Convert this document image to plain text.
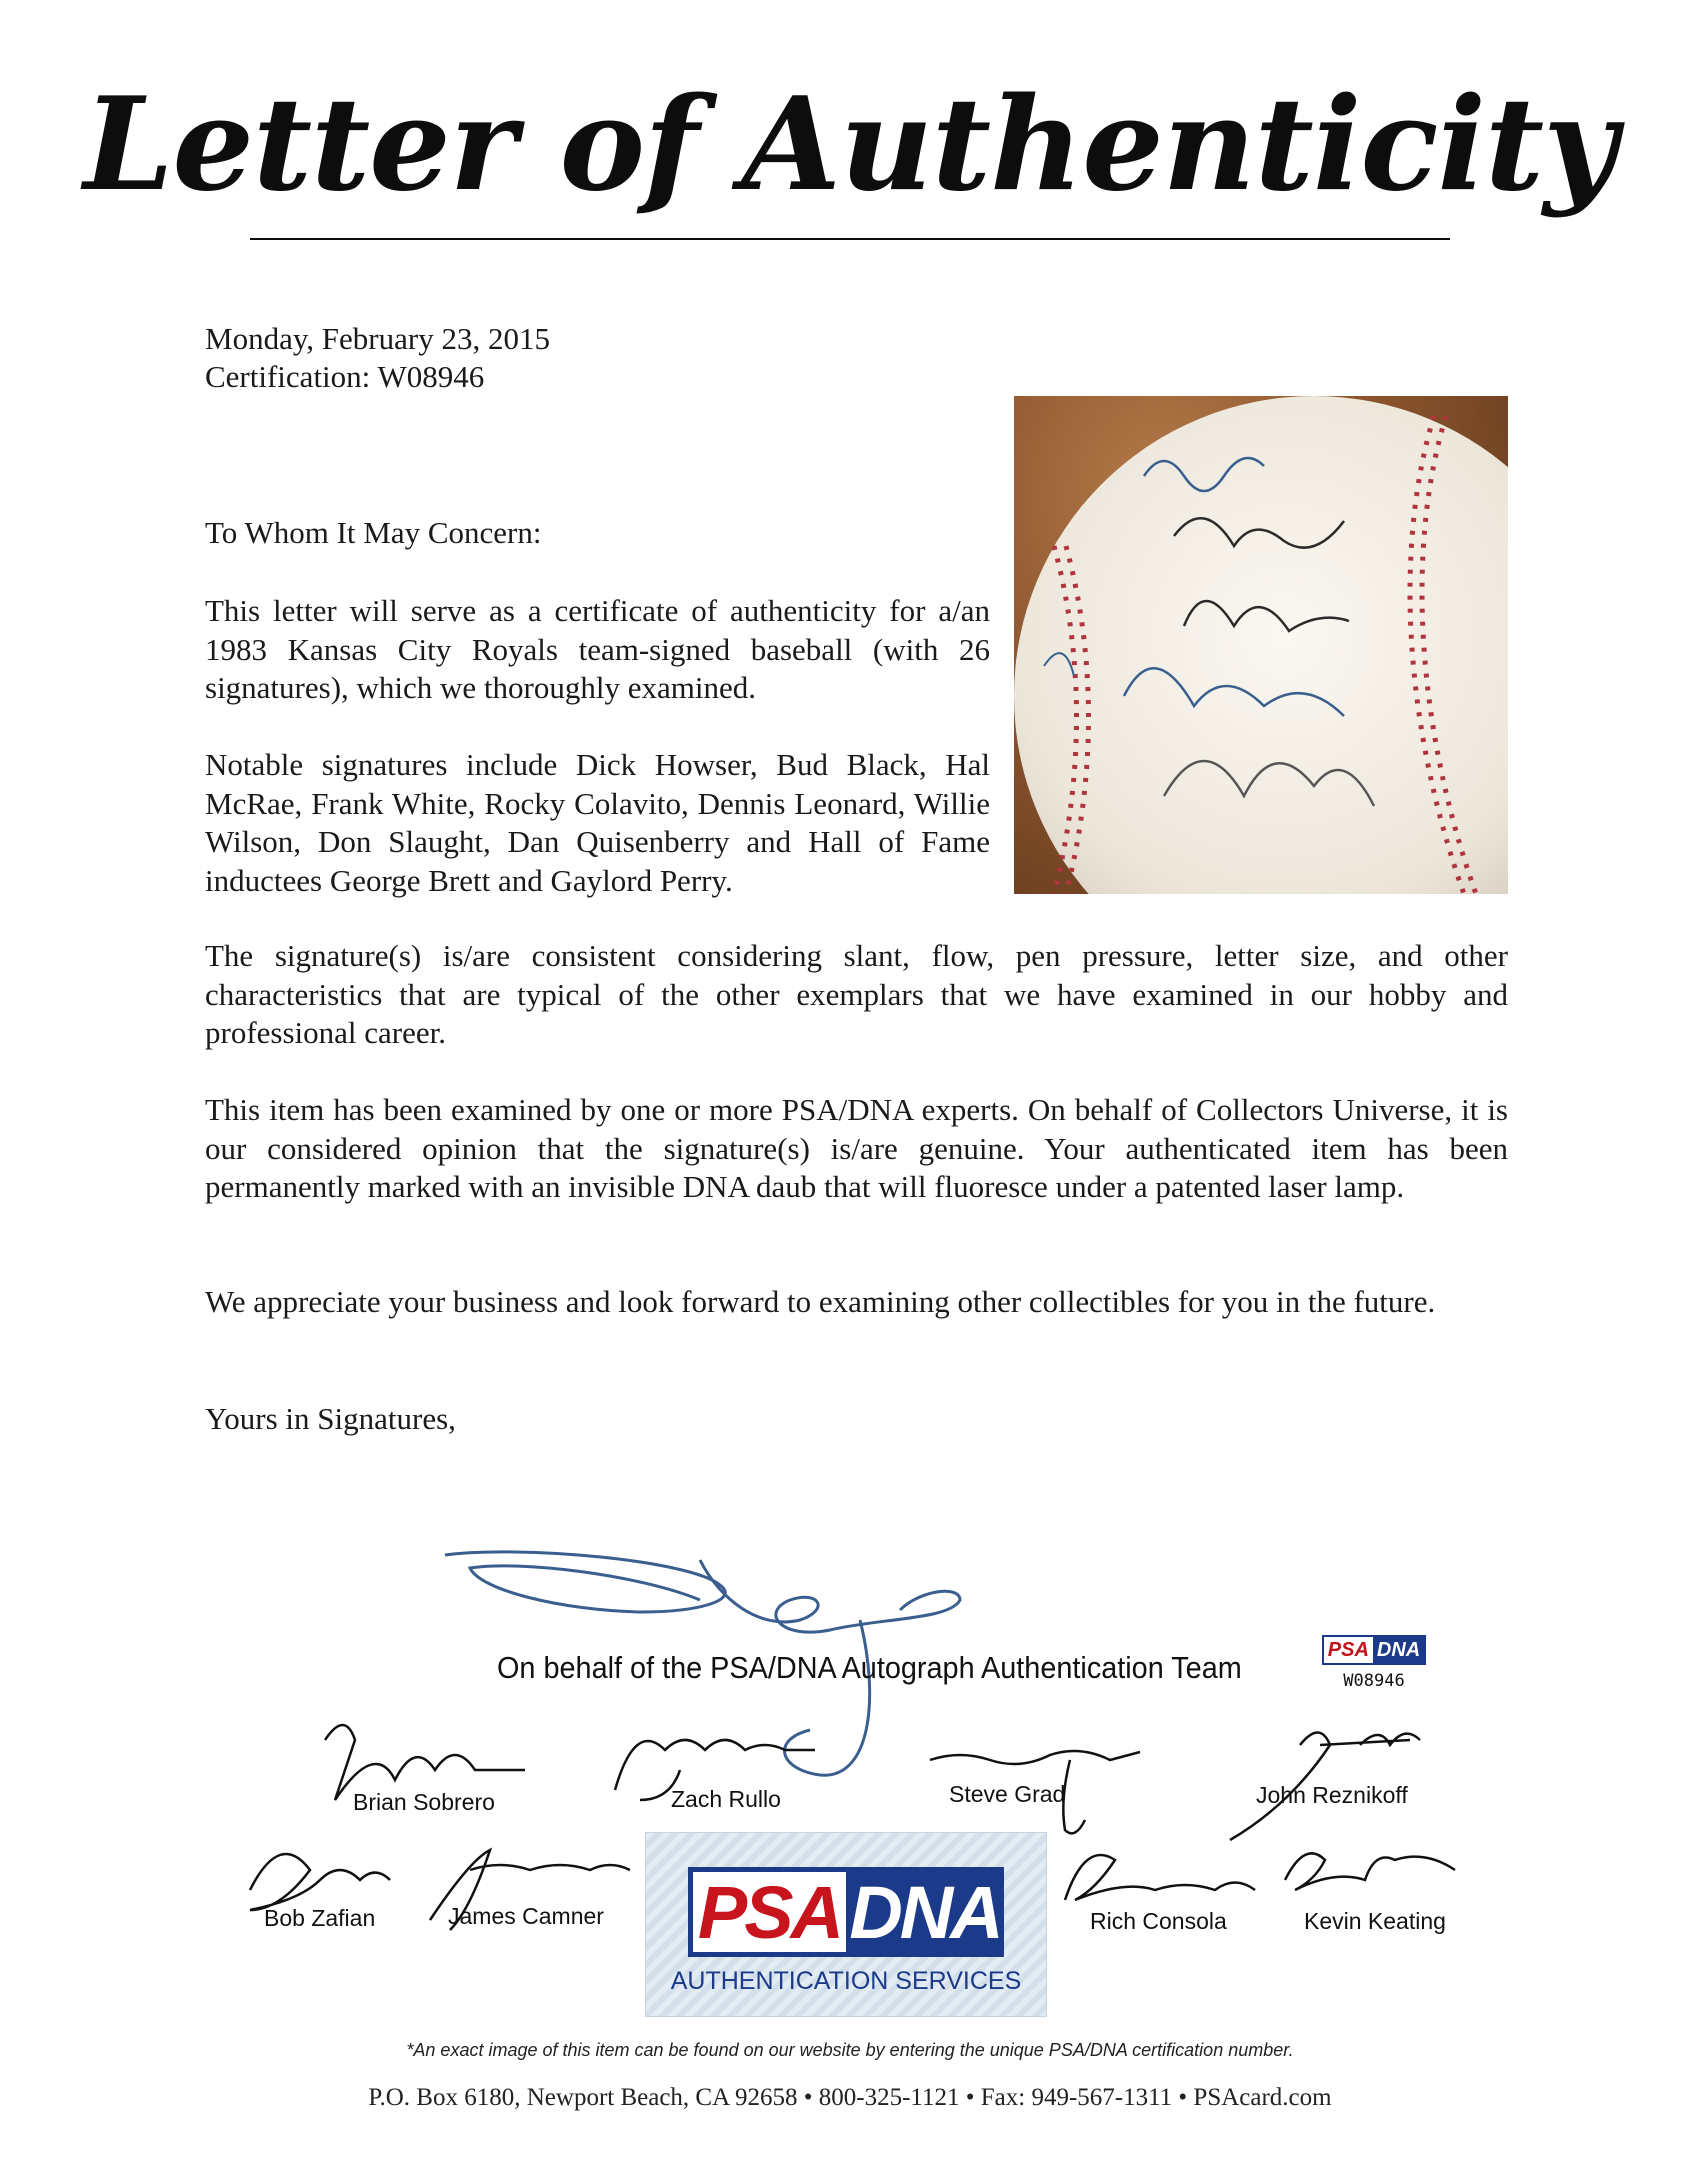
Letter of Authenticity
Monday, February 23, 2015
Certification: W08946
To Whom It May Concern:

This letter will serve as a certificate of authenticity for a/an 1983 Kansas City Royals team-signed baseball (with 26 signatures), which we thoroughly examined.

Notable signatures include Dick Howser, Bud Black, Hal McRae, Frank White, Rocky Colavito, Dennis Leonard, Willie Wilson, Don Slaught, Dan Quisenberry and Hall of Fame inductees George Brett and Gaylord Perry.

The signature(s) is/are consistent considering slant, flow, pen pressure, letter size, and other characteristics that are typical of the other exemplars that we have examined in our hobby and professional career.

This item has been examined by one or more PSA/DNA experts. On behalf of Collectors Universe, it is our considered opinion that the signature(s) is/are genuine. Your authenticated item has been permanently marked with an invisible DNA daub that will fluoresce under a patented laser lamp.

We appreciate your business and look forward to examining other collectibles for you in the future.

Yours in Signatures,
On behalf of the PSA/DNA Autograph Authentication Team	PSA DNA
W08946
Brian Sobrero	Zach Rullo	Steve Grad	John Reznikoff
Bob Zafian	James Camner	Rich Consola	Kevin Keating
PSA DNA
AUTHENTICATION SERVICES
*An exact image of this item can be found on our website by entering the unique PSA/DNA certification number.
P.O. Box 6180, Newport Beach, CA 92658 • 800-325-1121 • Fax: 949-567-1311 • PSAcard.com
